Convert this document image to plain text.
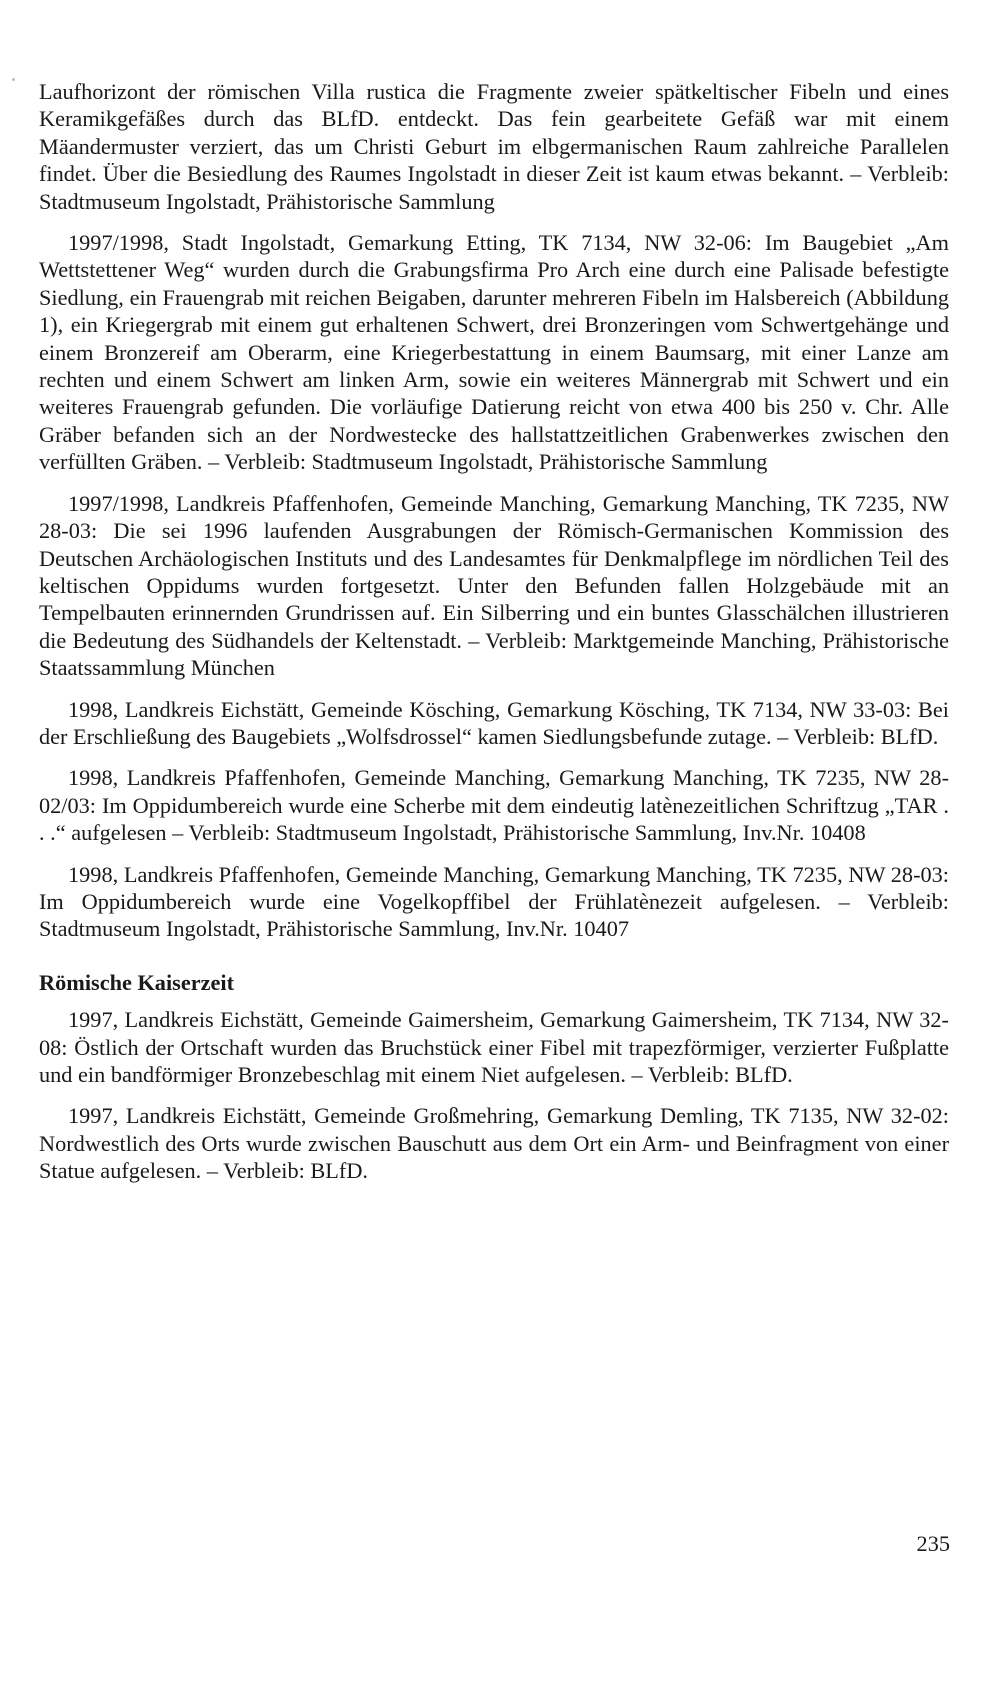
Laufhorizont der römischen Villa rustica die Fragmente zweier spätkeltischer Fibeln und eines Keramikgefäßes durch das BLfD. entdeckt. Das fein gearbeitete Gefäß war mit einem Mäandermuster verziert, das um Christi Geburt im elbgermanischen Raum zahlreiche Parallelen findet. Über die Besiedlung des Raumes Ingolstadt in dieser Zeit ist kaum etwas bekannt. – Verbleib: Stadtmuseum Ingolstadt, Prähistorische Sammlung

1997/1998, Stadt Ingolstadt, Gemarkung Etting, TK 7134, NW 32-06: Im Baugebiet „Am Wettstettener Weg“ wurden durch die Grabungsfirma Pro Arch eine durch eine Palisade befestigte Siedlung, ein Frauengrab mit reichen Beigaben, darunter mehreren Fibeln im Halsbereich (Abbildung 1), ein Kriegergrab mit einem gut erhaltenen Schwert, drei Bronzeringen vom Schwertgehänge und einem Bronzereif am Oberarm, eine Kriegerbestattung in einem Baumsarg, mit einer Lanze am rechten und einem Schwert am linken Arm, sowie ein weiteres Männergrab mit Schwert und ein weiteres Frauengrab gefunden. Die vorläufige Datierung reicht von etwa 400 bis 250 v. Chr. Alle Gräber befanden sich an der Nordwestecke des hallstattzeitlichen Grabenwerkes zwischen den verfüllten Gräben. – Verbleib: Stadtmuseum Ingolstadt, Prähistorische Sammlung

1997/1998, Landkreis Pfaffenhofen, Gemeinde Manching, Gemarkung Manching, TK 7235, NW 28-03: Die sei 1996 laufenden Ausgrabungen der Römisch-Germanischen Kommission des Deutschen Archäologischen Instituts und des Landesamtes für Denkmalpflege im nördlichen Teil des keltischen Oppidums wurden fortgesetzt. Unter den Befunden fallen Holzgebäude mit an Tempelbauten erinnernden Grundrissen auf. Ein Silberring und ein buntes Glasschälchen illustrieren die Bedeutung des Südhandels der Keltenstadt. – Verbleib: Marktgemeinde Manching, Prähistorische Staatssammlung München

1998, Landkreis Eichstätt, Gemeinde Kösching, Gemarkung Kösching, TK 7134, NW 33-03: Bei der Erschließung des Baugebiets „Wolfsdrossel“ kamen Siedlungsbefunde zutage. – Verbleib: BLfD.

1998, Landkreis Pfaffenhofen, Gemeinde Manching, Gemarkung Manching, TK 7235, NW 28-02/03: Im Oppidumbereich wurde eine Scherbe mit dem eindeutig latènezeitlichen Schriftzug „TAR . . .“ aufgelesen – Verbleib: Stadtmuseum Ingolstadt, Prähistorische Sammlung, Inv.Nr. 10408

1998, Landkreis Pfaffenhofen, Gemeinde Manching, Gemarkung Manching, TK 7235, NW 28-03: Im Oppidumbereich wurde eine Vogelkopffibel der Frühlatènezeit aufgelesen. – Verbleib: Stadtmuseum Ingolstadt, Prähistorische Sammlung, Inv.Nr. 10407

Römische Kaiserzeit

1997, Landkreis Eichstätt, Gemeinde Gaimersheim, Gemarkung Gaimersheim, TK 7134, NW 32-08: Östlich der Ortschaft wurden das Bruchstück einer Fibel mit trapezförmiger, verzierter Fußplatte und ein bandförmiger Bronzebeschlag mit einem Niet aufgelesen. – Verbleib: BLfD.

1997, Landkreis Eichstätt, Gemeinde Großmehring, Gemarkung Demling, TK 7135, NW 32-02: Nordwestlich des Orts wurde zwischen Bauschutt aus dem Ort ein Arm- und Beinfragment von einer Statue aufgelesen. – Verbleib: BLfD.

235
